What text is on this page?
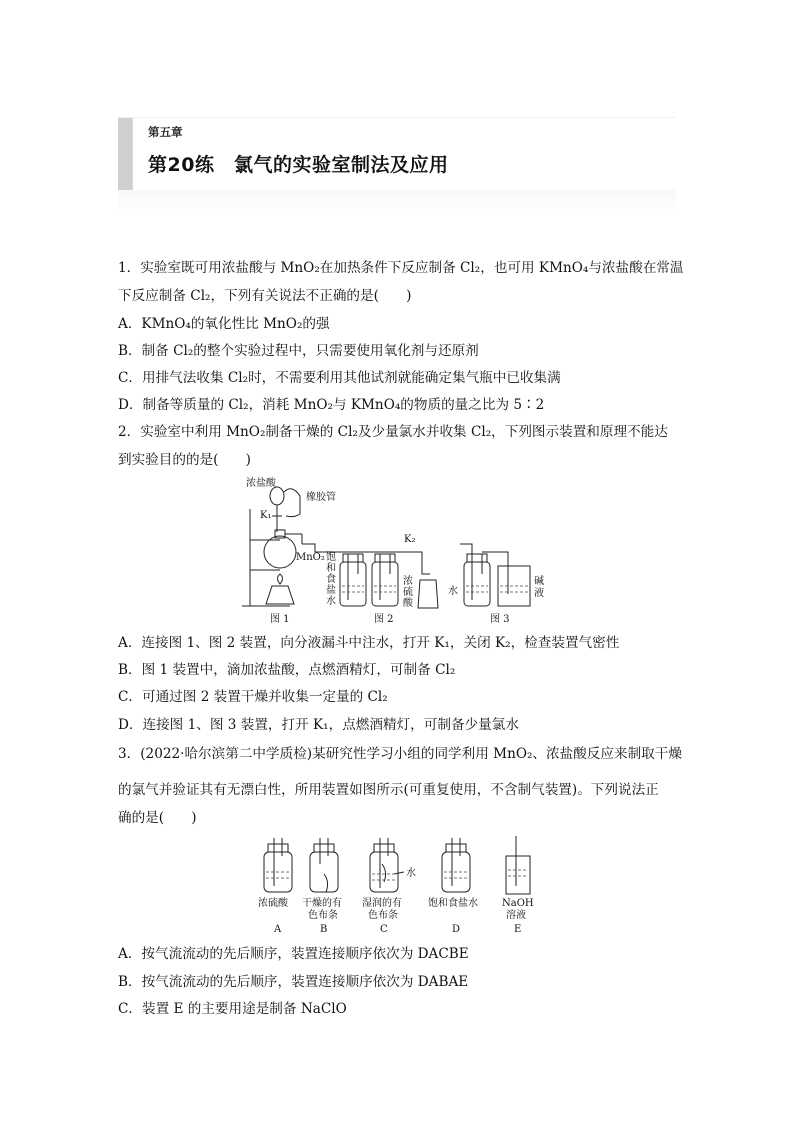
第五章
第20练　氯气的实验室制法及应用
1．实验室既可用浓盐酸与 MnO₂在加热条件下反应制备 Cl₂，也可用 KMnO₄与浓盐酸在常温
下反应制备 Cl₂，下列有关说法不正确的是(　　)
A．KMnO₄的氧化性比 MnO₂的强
B．制备 Cl₂的整个实验过程中，只需要使用氧化剂与还原剂
C．用排气法收集 Cl₂时，不需要利用其他试剂就能确定集气瓶中已收集满
D．制备等质量的 Cl₂，消耗 MnO₂与 KMnO₄的物质的量之比为 5∶2
2．实验室中利用 MnO₂制备干燥的 Cl₂及少量氯水并收集 Cl₂，下列图示装置和原理不能达
到实验目的的是(　　)
浓盐酸
橡胶管
K₁
MnO₂ 饱
和
食
盐
水
K₂
浓
硫
酸
水
碱
液
图 1	图 2	图 3
A．连接图 1、图 2 装置，向分液漏斗中注水，打开 K₁，关闭 K₂，检查装置气密性
B．图 1 装置中，滴加浓盐酸，点燃酒精灯，可制备 Cl₂
C．可通过图 2 装置干燥并收集一定量的 Cl₂
D．连接图 1、图 3 装置，打开 K₁，点燃酒精灯，可制备少量氯水
3．(2022·哈尔滨第二中学质检)某研究性学习小组的同学利用 MnO₂、浓盐酸反应来制取干燥
的氯气并验证其有无漂白性，所用装置如图所示(可重复使用，不含制气装置)。下列说法正
确的是(　　)
水
浓硫酸 干燥的有
色布条
湿润的有
色布条
饱和食盐水 NaOH
溶液
A	B	C	D	E
A．按气流流动的先后顺序，装置连接顺序依次为 DACBE
B．按气流流动的先后顺序，装置连接顺序依次为 DABAE
C．装置 E 的主要用途是制备 NaClO
